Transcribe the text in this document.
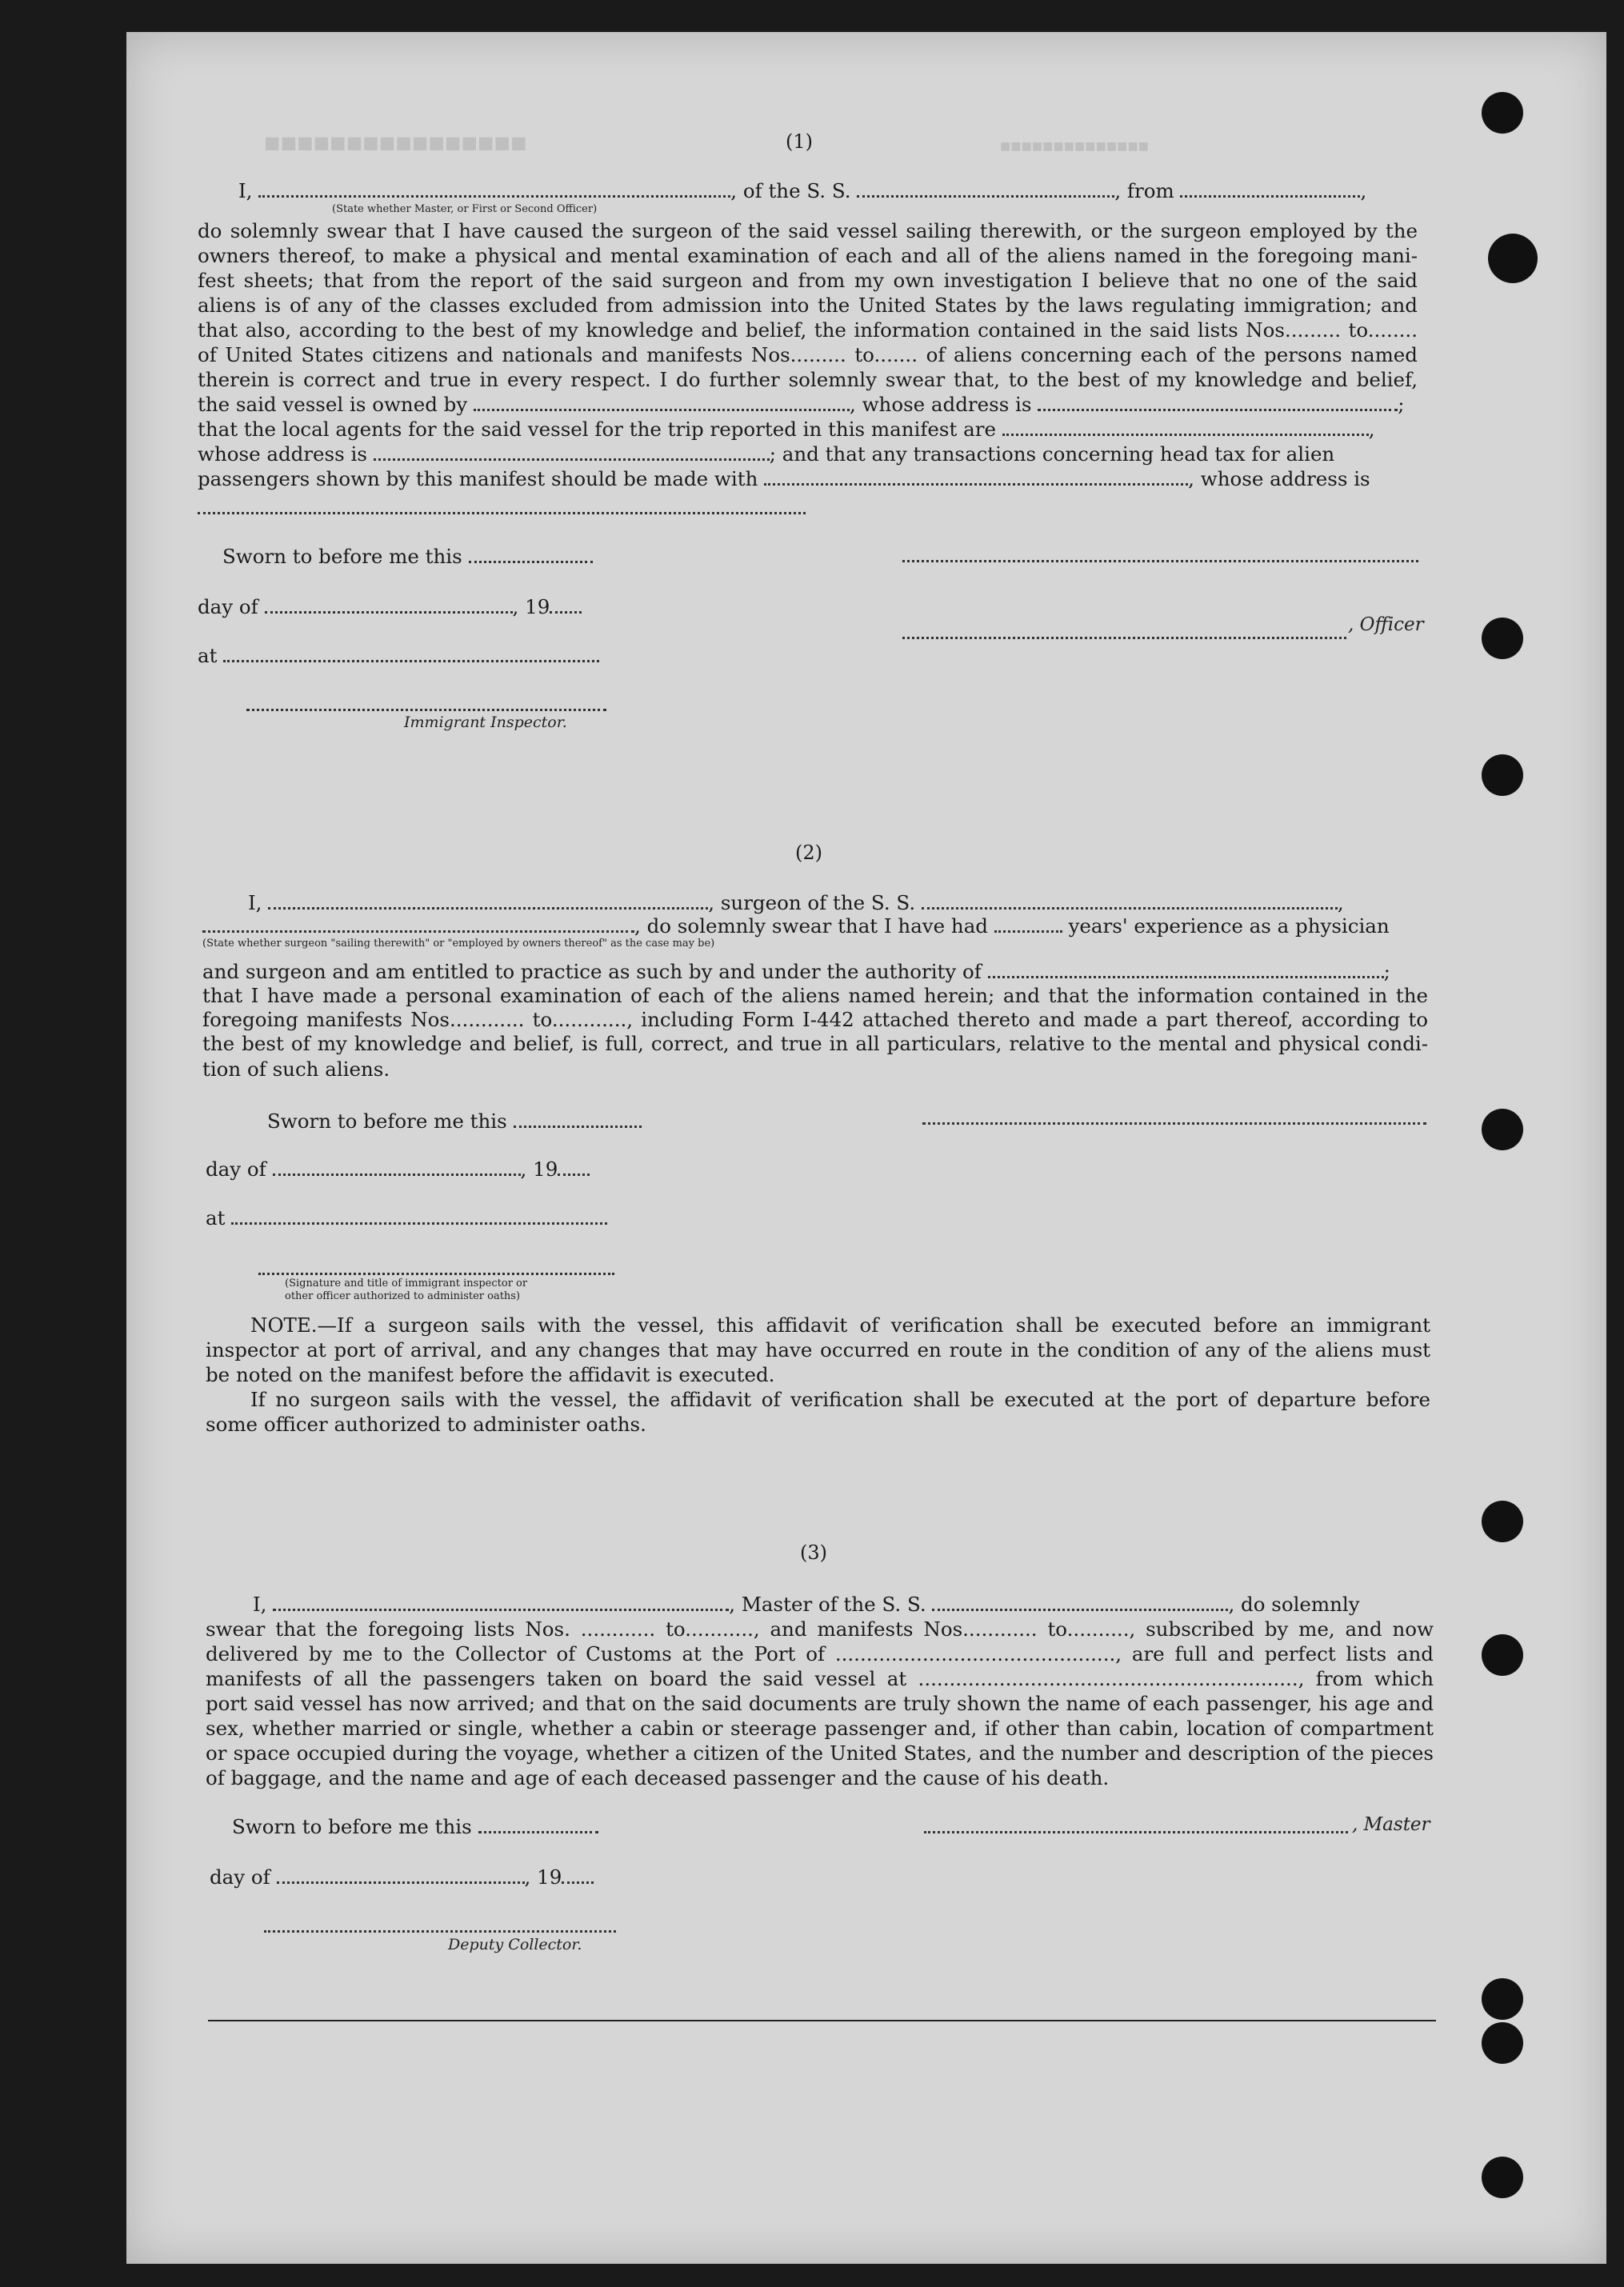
■■■■■■■■■■■■■■■■	■■■■■■■■■■■■■■
(1)
I,	, of the S. S.	, from	,
(State whether Master, or First or Second Officer)
do solemnly swear that I have caused the surgeon of the said vessel sailing therewith, or the surgeon employed by the
owners thereof, to make a physical and mental examination of each and all of the aliens named in the foregoing mani-
fest sheets; that from the report of the said surgeon and from my own investigation I believe that no one of the said
aliens is of any of the classes excluded from admission into the United States by the laws regulating immigration; and
that also, according to the best of my knowledge and belief, the information contained in the said lists Nos......... to........
of United States citizens and nationals and manifests Nos......... to....... of aliens concerning each of the persons named
therein is correct and true in every respect. I do further solemnly swear that, to the best of my knowledge and belief,
the said vessel is owned by	, whose address is	;
that the local agents for the said vessel for the trip reported in this manifest are	,
whose address is	; and that any transactions concerning head tax for alien
passengers shown by this manifest should be made with	, whose address is
Sworn to before me this
day of	, 19
, Officer
at
Immigrant Inspector.
(2)
I,	, surgeon of the S. S.	,
, do solemnly swear that I have had	years' experience as a physician
(State whether surgeon "sailing therewith" or "employed by owners thereof" as the case may be)
and surgeon and am entitled to practice as such by and under the authority of	;
that I have made a personal examination of each of the aliens named herein; and that the information contained in the
foregoing manifests Nos............ to............, including Form I-442 attached thereto and made a part thereof, according to
the best of my knowledge and belief, is full, correct, and true in all particulars, relative to the mental and physical condi-
tion of such aliens.
Sworn to before me this
day of	, 19
at
(Signature and title of immigrant inspector or
other officer authorized to administer oaths)
NOTE.—If a surgeon sails with the vessel, this affidavit of verification shall be executed before an immigrant
inspector at port of arrival, and any changes that may have occurred en route in the condition of any of the aliens must
be noted on the manifest before the affidavit is executed.
If no surgeon sails with the vessel, the affidavit of verification shall be executed at the port of departure before
some officer authorized to administer oaths.
(3)
I,	, Master of the S. S.	, do solemnly
swear that the foregoing lists Nos. ............ to..........., and manifests Nos............ to.........., subscribed by me, and now
delivered by me to the Collector of Customs at the Port of ............................................., are full and perfect lists and
manifests of all the passengers taken on board the said vessel at ............................................................., from which
port said vessel has now arrived; and that on the said documents are truly shown the name of each passenger, his age and
sex, whether married or single, whether a cabin or steerage passenger and, if other than cabin, location of compartment
or space occupied during the voyage, whether a citizen of the United States, and the number and description of the pieces
of baggage, and the name and age of each deceased passenger and the cause of his death.
Sworn to before me this	, Master
day of	, 19
Deputy Collector.
